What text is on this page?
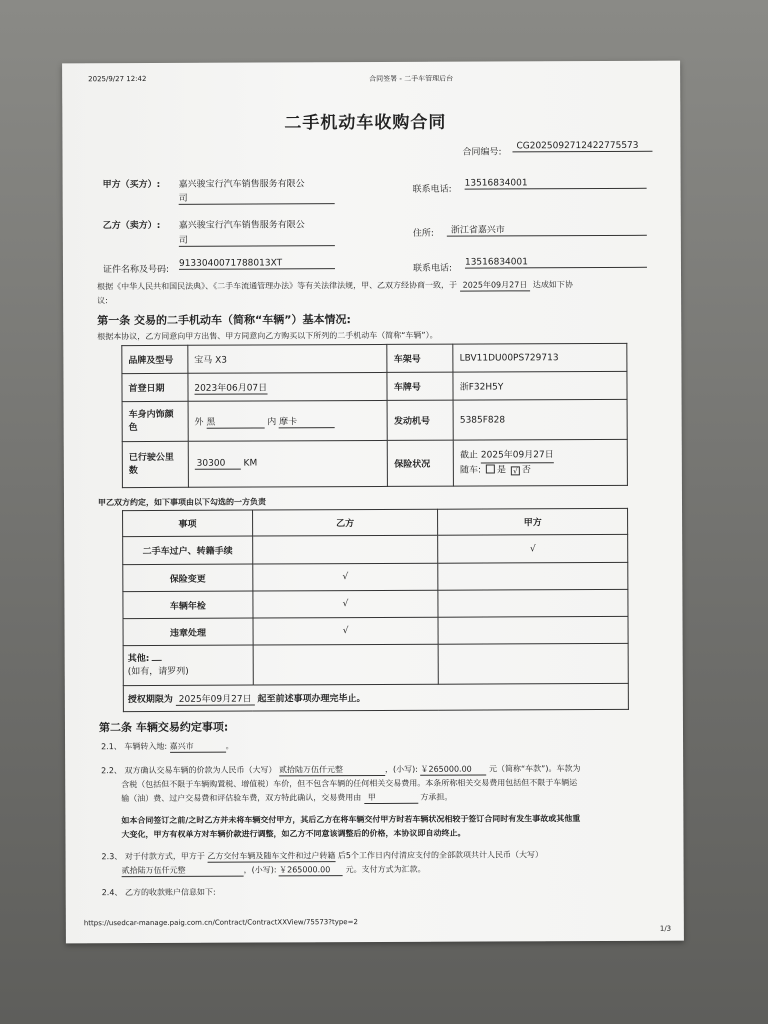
2025/9/27 12:42	合同签署 - 二手车管理后台
二手机动车收购合同
合同编号:
CG2025092712422775573
甲方（买方）: 嘉兴骏宝行汽车销售服务有限公
司
联系电话:
13516834001
乙方（卖方）: 嘉兴骏宝行汽车销售服务有限公
司
住所:	浙江省嘉兴市
证件名称及号码:
9133040071788013XT	联系电话:
13516834001
根据《中华人民共和国民法典》、《二手车流通管理办法》等有关法律法规，甲、乙双方经协商一致，于 2025年09月27日 达成如下协
议:
第一条 交易的二手机动车（简称“车辆”）基本情况:
根据本协议，乙方同意向甲方出售、甲方同意向乙方购买以下所列的二手机动车（简称“车辆”）。
品牌及型号	宝马 X3	车架号	LBV11DU00PS729713
首登日期	2023年06月07日	车牌号	浙F32H5Y
车身内饰颜
色	外 黑 内 摩卡	发动机号	5385F828
已行驶公里
数	30300 KM	保险状况	截止 2025年09月27日
随车: 是 √ 否
甲乙双方约定，如下事项由以下勾选的一方负责
事项	乙方	甲方
二手车过户、转籍手续		√
保险变更	√	
车辆年检	√	
违章处理	√	
其他:
(如有，请罗列)		
授权期限为 2025年09月27日 起至前述事项办理完毕止。		
第二条 车辆交易约定事项:
2.1、 车辆转入地: 嘉兴市	。
2.2、 双方确认交易车辆的价款为人民币（大写） 贰拾陆万伍仟元整	，(小写): ￥265000.00 元（简称“车款”)。车款为
含税（包括但不限于车辆购置税、增值税）车价，但不包含车辆的任何相关交易费用。本条所称相关交易费用包括但不限于车辆运
输（油）费、过户交易费和评估验车费，双方特此确认，交易费用由 甲	方承担。
如本合同签订之前/之时乙方并未将车辆交付甲方，其后乙方在将车辆交付甲方时若车辆状况相较于签订合同时有发生事故或其他重
大变化，甲方有权单方对车辆价款进行调整，如乙方不同意该调整后的价格，本协议即自动终止。
2.3、 对于付款方式，甲方于 乙方交付车辆及随车文件和过户转籍 后5个工作日内付清应支付的全部款项共计人民币（大写）
贰拾陆万伍仟元整	，(小写): ￥265000.00 元。支付方式为汇款。
2.4、 乙方的收款账户信息如下:
https://usedcar-manage.paig.com.cn/Contract/ContractXXView/75573?type=2
1/3
